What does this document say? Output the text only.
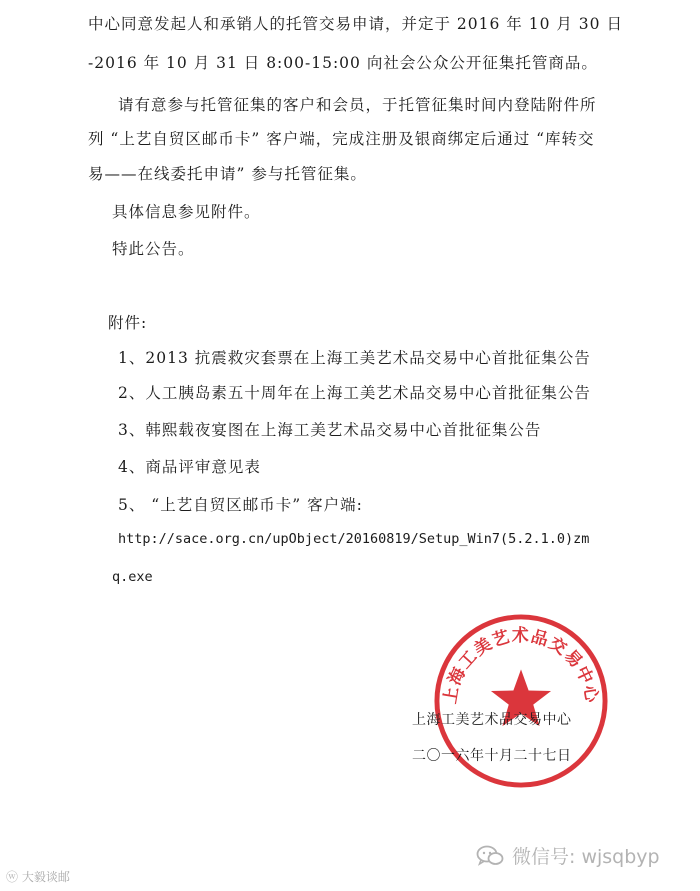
中心同意发起人和承销人的托管交易申请，并定于 2016 年 10 月 30 日
-2016 年 10 月 31 日 8:00-15:00 向社会公众公开征集托管商品。
请有意参与托管征集的客户和会员，于托管征集时间内登陆附件所
列 “上艺自贸区邮币卡” 客户端，完成注册及银商绑定后通过 “库转交
易——在线委托申请” 参与托管征集。
具体信息参见附件。
特此公告。
附件:
1、2013 抗震救灾套票在上海工美艺术品交易中心首批征集公告
2、人工胰岛素五十周年在上海工美艺术品交易中心首批征集公告
3、韩熙载夜宴图在上海工美艺术品交易中心首批征集公告
4、商品评审意见表
5、 “上艺自贸区邮币卡” 客户端:
http://sace.org.cn/upObject/20160819/Setup_Win7(5.2.1.0)zm
q.exe
上海工美艺术品交易中心
上海工美艺术品交易中心
二〇一六年十月二十七日
ⓦ 大毅谈邮
微信号: wjsqbyp
